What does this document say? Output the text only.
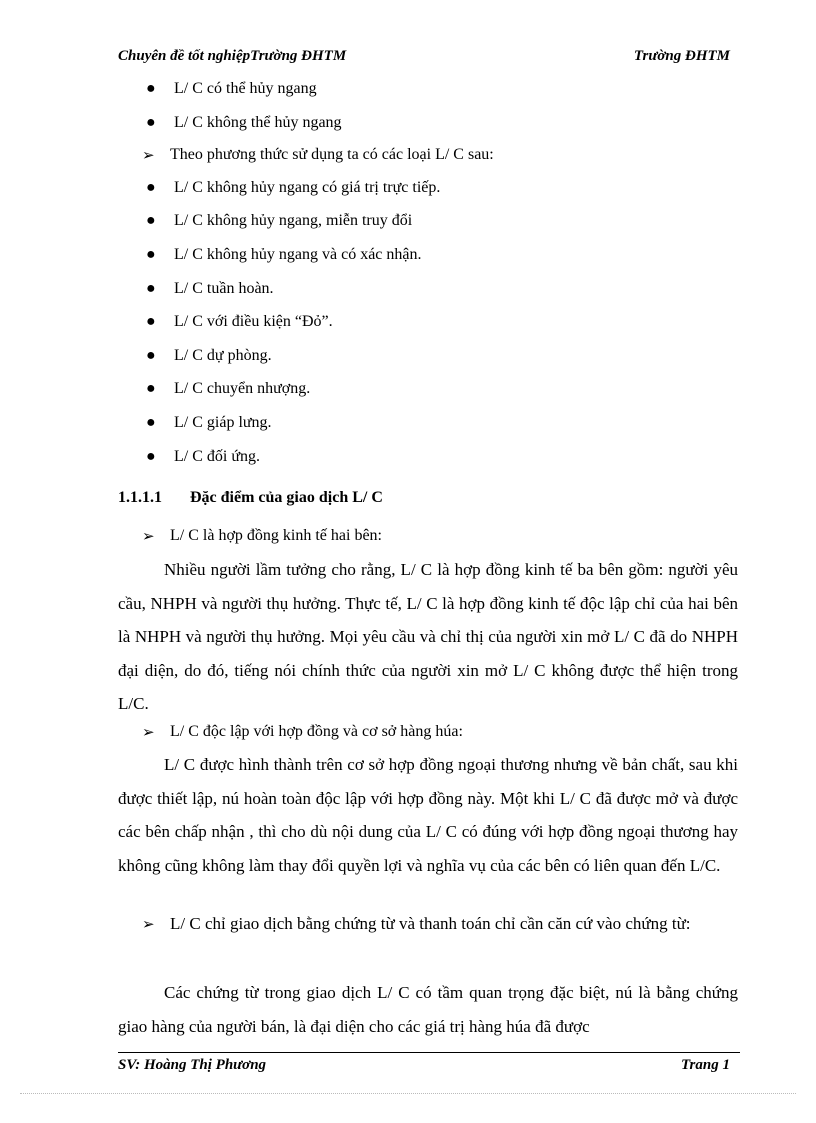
Chuyên đề tốt nghiệpTrường ĐHTM	Trường ĐHTM
● L/ C có thể hủy ngang
● L/ C không thể hủy ngang
➢ Theo phương thức sử dụng ta có các loại L/ C sau:
● L/ C không hủy ngang có giá trị trực tiếp.
● L/ C không hủy ngang, miễn truy đổi
● L/ C không hủy ngang và có xác nhận.
● L/ C tuần hoàn.
● L/ C với điều kiện “Đỏ”.
● L/ C dự phòng.
● L/ C chuyển nhượng.
● L/ C giáp lưng.
● L/ C đối ứng.
1.1.1.1 Đặc điểm của giao dịch L/ C
➢ L/ C là hợp đồng kinh tế hai bên:
Nhiều người lầm tưởng cho rằng, L/ C là hợp đồng kinh tế ba bên gồm: người yêu cầu, NHPH và người thụ hưởng. Thực tế, L/ C là hợp đồng kinh tế độc lập chỉ của hai bên là NHPH và người thụ hưởng. Mọi yêu cầu và chỉ thị của người xin mở L/ C đã do NHPH đại diện, do đó, tiếng nói chính thức của người xin mở L/ C không được thể hiện trong L/C.
➢ L/ C độc lập với hợp đồng và cơ sở hàng húa:
L/ C được hình thành trên cơ sở hợp đồng ngoại thương nhưng về bản chất, sau khi được thiết lập, nú hoàn toàn độc lập với hợp đồng này. Một khi L/ C đã được mở và được các bên chấp nhận , thì cho dù nội dung của L/ C có đúng với hợp đồng ngoại thương hay không cũng không làm thay đổi quyền lợi và nghĩa vụ của các bên có liên quan đến L/C.
➢ L/ C chỉ giao dịch bằng chứng từ và thanh toán chỉ cần căn cứ vào chứng từ:
Các chứng từ trong giao dịch L/ C có tầm quan trọng đặc biệt, nú là bằng chứng giao hàng của người bán, là đại diện cho các giá trị hàng húa đã được
SV: Hoàng Thị Phương	Trang 1
